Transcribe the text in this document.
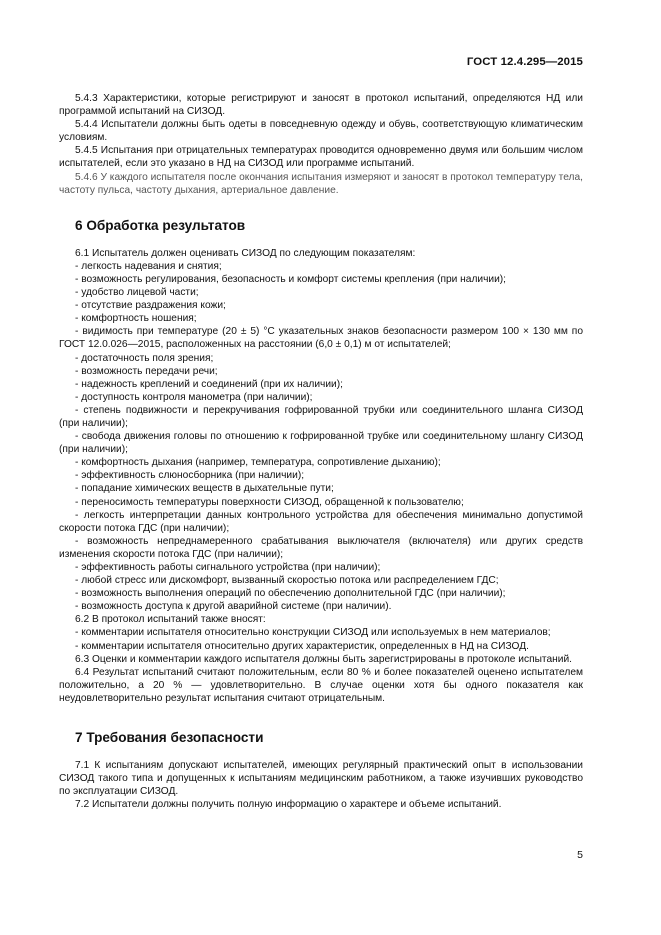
ГОСТ 12.4.295—2015

5.4.3 Характеристики, которые регистрируют и заносят в протокол испытаний, определяются НД или программой испытаний на СИЗОД.

5.4.4 Испытатели должны быть одеты в повседневную одежду и обувь, соответствующую климатическим условиям.

5.4.5 Испытания при отрицательных температурах проводится одновременно двумя или большим числом испытателей, если это указано в НД на СИЗОД или программе испытаний.

5.4.6 У каждого испытателя после окончания испытания измеряют и заносят в протокол температуру тела, частоту пульса, частоту дыхания, артериальное давление.

6 Обработка результатов

6.1 Испытатель должен оценивать СИЗОД по следующим показателям:

- легкость надевания и снятия;

- возможность регулирования, безопасность и комфорт системы крепления (при наличии);

- удобство лицевой части;

- отсутствие раздражения кожи;

- комфортность ношения;

- видимость при температуре (20 ± 5) °С указательных знаков безопасности размером 100 × 130 мм по ГОСТ 12.0.026—2015, расположенных на расстоянии (6,0 ± 0,1) м от испытателей;

- достаточность поля зрения;

- возможность передачи речи;

- надежность креплений и соединений (при их наличии);

- доступность контроля манометра (при наличии);

- степень подвижности и перекручивания гофрированной трубки или соединительного шланга СИЗОД (при наличии);

- свобода движения головы по отношению к гофрированной трубке или соединительному шлангу СИЗОД (при наличии);

- комфортность дыхания (например, температура, сопротивление дыханию);

- эффективность слюносборника (при наличии);

- попадание химических веществ в дыхательные пути;

- переносимость температуры поверхности СИЗОД, обращенной к пользователю;

- легкость интерпретации данных контрольного устройства для обеспечения минимально допустимой скорости потока ГДС (при наличии);

- возможность непреднамеренного срабатывания выключателя (включателя) или других средств изменения скорости потока ГДС (при наличии);

- эффективность работы сигнального устройства (при наличии);

- любой стресс или дискомфорт, вызванный скоростью потока или распределением ГДС;

- возможность выполнения операций по обеспечению дополнительной ГДС (при наличии);

- возможность доступа к другой аварийной системе (при наличии).

6.2 В протокол испытаний также вносят:

- комментарии испытателя относительно конструкции СИЗОД или используемых в нем материалов;

- комментарии испытателя относительно других характеристик, определенных в НД на СИЗОД.

6.3 Оценки и комментарии каждого испытателя должны быть зарегистрированы в протоколе испытаний.

6.4 Результат испытаний считают положительным, если 80 % и более показателей оценено испытателем положительно, а 20 % — удовлетворительно. В случае оценки хотя бы одного показателя как неудовлетворительно результат испытания считают отрицательным.

7 Требования безопасности

7.1 К испытаниям допускают испытателей, имеющих регулярный практический опыт в использовании СИЗОД такого типа и допущенных к испытаниям медицинским работником, а также изучивших руководство по эксплуатации СИЗОД.

7.2 Испытатели должны получить полную информацию о характере и объеме испытаний.

5
